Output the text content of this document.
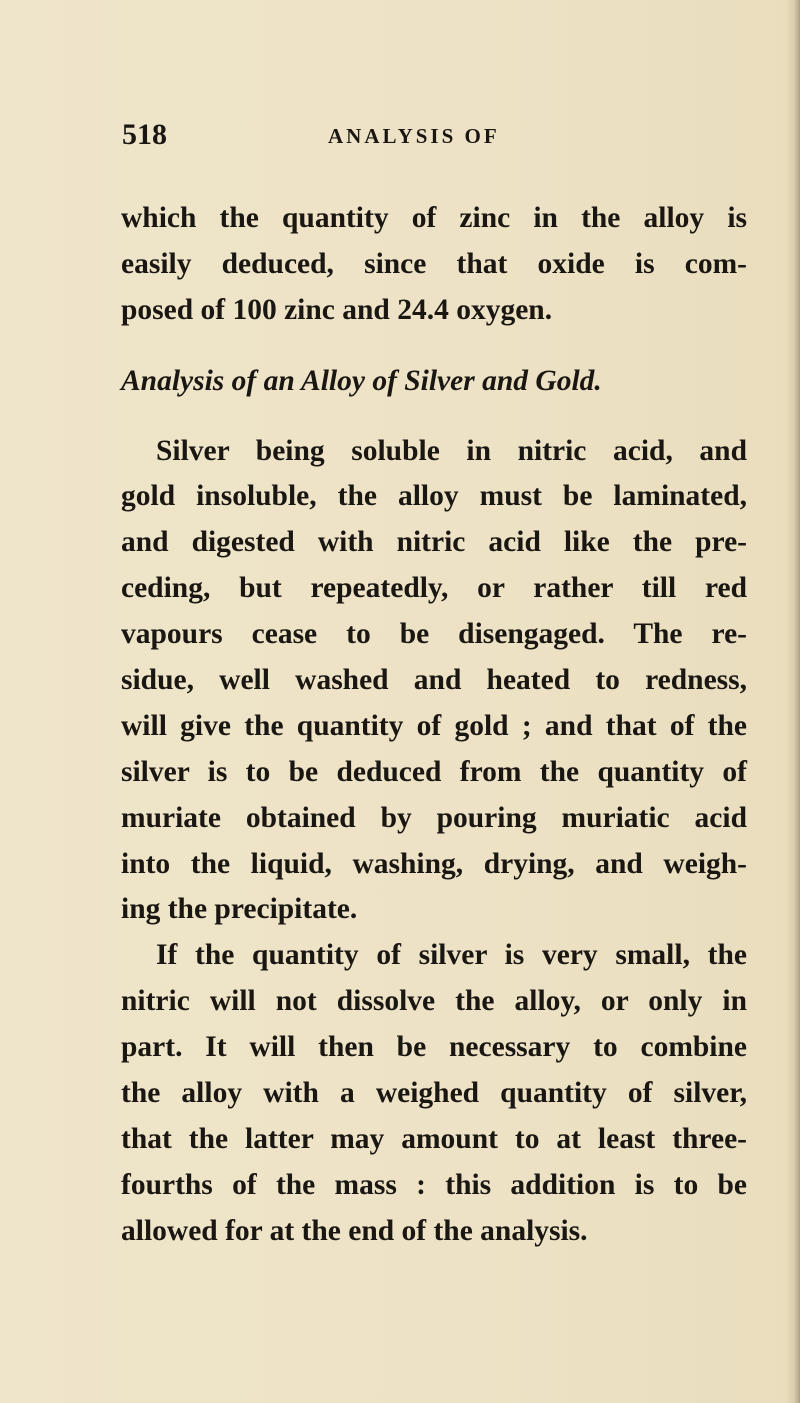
518	ANALYSIS OF
which the quantity of zinc in the alloy is
easily deduced, since that oxide is com-
posed of 100 zinc and 24.4 oxygen.
Analysis of an Alloy of Silver and Gold.
Silver being soluble in nitric acid, and
gold insoluble, the alloy must be laminated,
and digested with nitric acid like the pre-
ceding, but repeatedly, or rather till red
vapours cease to be disengaged. The re-
sidue, well washed and heated to redness,
will give the quantity of gold ; and that of the
silver is to be deduced from the quantity of
muriate obtained by pouring muriatic acid
into the liquid, washing, drying, and weigh-
ing the precipitate.
If the quantity of silver is very small, the
nitric will not dissolve the alloy, or only in
part. It will then be necessary to combine
the alloy with a weighed quantity of silver,
that the latter may amount to at least three-
fourths of the mass : this addition is to be
allowed for at the end of the analysis.
